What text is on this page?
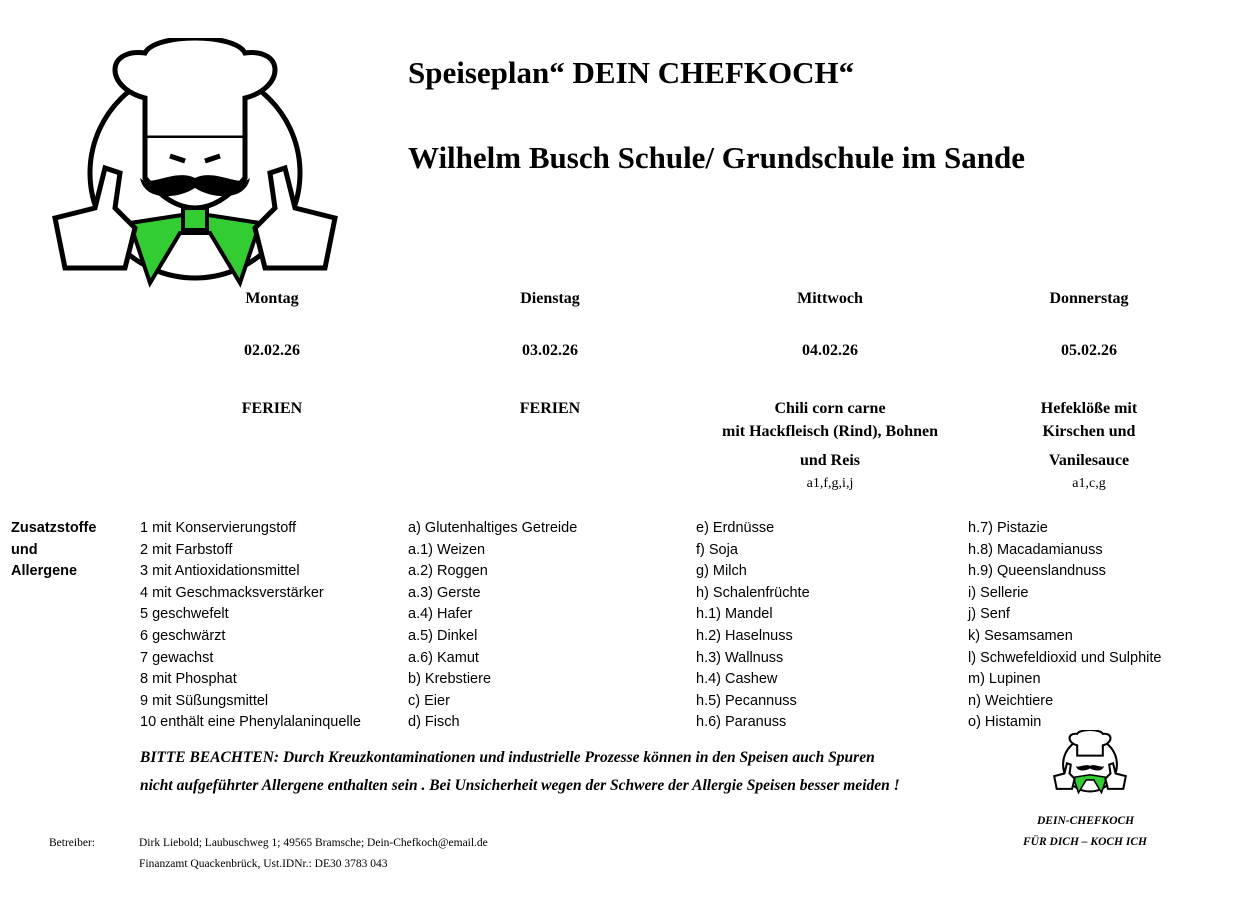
Speiseplan“ DEIN CHEFKOCH“
Wilhelm Busch Schule/ Grundschule im Sande
Montag
02.02.26
FERIEN
Dienstag
03.02.26
FERIEN
Mittwoch
04.02.26
Chili corn carne
mit Hackfleisch (Rind), Bohnen
und Reis
a1,f,g,i,j
Donnerstag
05.02.26
Hefeklöße mit
Kirschen und
Vanilesauce
a1,c,g
Zusatzstoffe
und
Allergene
1 mit Konservierungstoff
2 mit Farbstoff
3 mit Antioxidationsmittel
4 mit Geschmacksverstärker
5 geschwefelt
6 geschwärzt
7 gewachst
8 mit Phosphat
9 mit Süßungsmittel
10 enthält eine Phenylalaninquelle
a) Glutenhaltiges Getreide
a.1) Weizen
a.2) Roggen
a.3) Gerste
a.4) Hafer
a.5) Dinkel
a.6) Kamut
b) Krebstiere
c) Eier
d) Fisch
e) Erdnüsse
f) Soja
g) Milch
h) Schalenfrüchte
h.1) Mandel
h.2) Haselnuss
h.3) Wallnuss
h.4) Cashew
h.5) Pecannuss
h.6) Paranuss
h.7) Pistazie
h.8) Macadamianuss
h.9) Queenslandnuss
i) Sellerie
j) Senf
k) Sesamsamen
l) Schwefeldioxid und Sulphite
m) Lupinen
n) Weichtiere
o) Histamin
BITTE BEACHTEN: Durch Kreuzkontaminationen und industrielle Prozesse können in den Speisen auch Spuren
nicht aufgeführter Allergene enthalten sein . Bei Unsicherheit wegen der Schwere der Allergie Speisen besser meiden !
DEIN-CHEFKOCH
FÜR DICH – KOCH ICH
Betreiber:	Dirk Liebold; Laubuschweg 1; 49565 Bramsche; Dein-Chefkoch@email.de
Finanzamt Quackenbrück, Ust.IDNr.: DE30 3783 043
